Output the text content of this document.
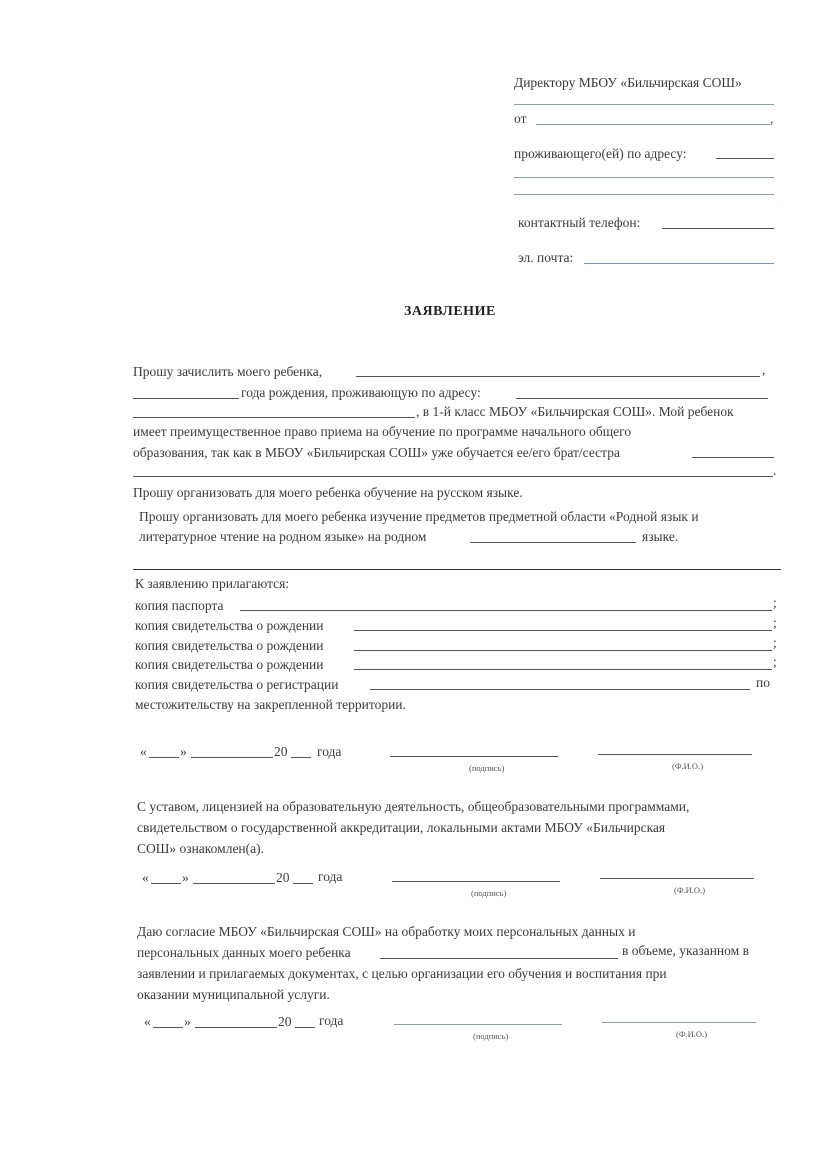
Директору МБОУ «Бильчирская СОШ»
от	,
проживающего(ей) по адресу:
контактный телефон:
эл. почта:
ЗАЯВЛЕНИЕ
Прошу зачислить моего ребенка,	,
года рождения, проживающую по адресу:
, в 1-й класс МБОУ «Бильчирская СОШ». Мой ребенок
имеет преимущественное право приема на обучение по программе начального общего
образования, так как в МБОУ «Бильчирская СОШ» уже обучается ее/его брат/сестра
.
Прошу организовать для моего ребенка обучение на русском языке.
Прошу организовать для моего ребенка изучение предметов предметной области «Родной язык и
литературное чтение на родном языке» на родном	языке.
К заявлению прилагаются:
копия паспорта	;
копия свидетельства о рождении	;
копия свидетельства о рождении	;
копия свидетельства о рождении	;
копия свидетельства о регистрации	по
местожительству на закрепленной территории.
« »	20 года
(подпись)	(Ф.И.О.)
С уставом, лицензией на образовательную деятельность, общеобразовательными программами,
свидетельством о государственной аккредитации, локальными актами МБОУ «Бильчирская
СОШ» ознакомлен(а).
« »	20 года
(подпись)	(Ф.И.О.)
Даю согласие МБОУ «Бильчирская СОШ» на обработку моих персональных данных и
персональных данных моего ребенка	в объеме, указанном в
заявлении и прилагаемых документах, с целью организации его обучения и воспитания при
оказании муниципальной услуги.
« »	20 года
(подпись)	(Ф.И.О.)
